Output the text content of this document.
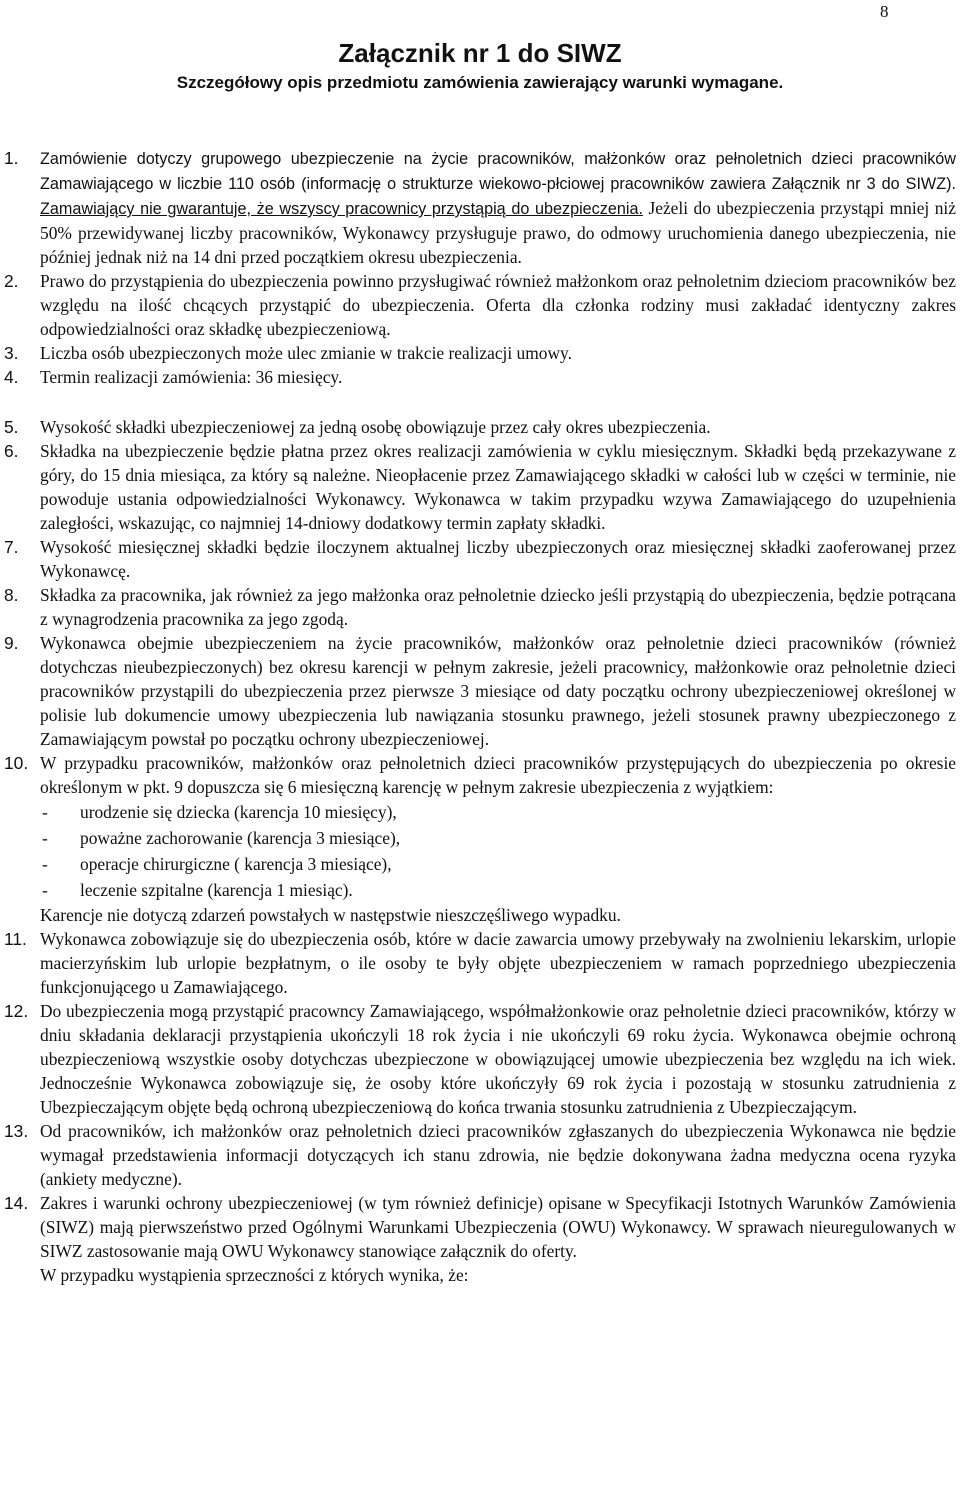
8
Załącznik nr 1 do SIWZ
Szczegółowy opis przedmiotu zamówienia zawierający warunki wymagane.
1. Zamówienie dotyczy grupowego ubezpieczenie na życie pracowników, małżonków oraz pełnoletnich dzieci pracowników Zamawiającego w liczbie 110 osób (informację o strukturze wiekowo-płciowej pracowników zawiera Załącznik nr 3 do SIWZ). Zamawiający nie gwarantuje, że wszyscy pracownicy przystąpią do ubezpieczenia. Jeżeli do ubezpieczenia przystąpi mniej niż 50% przewidywanej liczby pracowników, Wykonawcy przysługuje prawo, do odmowy uruchomienia danego ubezpieczenia, nie później jednak niż na 14 dni przed początkiem okresu ubezpieczenia.

2. Prawo do przystąpienia do ubezpieczenia powinno przysługiwać również małżonkom oraz pełnoletnim dzieciom pracowników bez względu na ilość chcących przystąpić do ubezpieczenia. Oferta dla członka rodziny musi zakładać identyczny zakres odpowiedzialności oraz składkę ubezpieczeniową.

3. Liczba osób ubezpieczonych może ulec zmianie w trakcie realizacji umowy.

4. Termin realizacji zamówienia: 36 miesięcy.

5. Wysokość składki ubezpieczeniowej za jedną osobę obowiązuje przez cały okres ubezpieczenia.

6. Składka na ubezpieczenie będzie płatna przez okres realizacji zamówienia w cyklu miesięcznym. Składki będą przekazywane z góry, do 15 dnia miesiąca, za który są należne. Nieopłacenie przez Zamawiającego składki w całości lub w części w terminie, nie powoduje ustania odpowiedzialności Wykonawcy. Wykonawca w takim przypadku wzywa Zamawiającego do uzupełnienia zaległości, wskazując, co najmniej 14-dniowy dodatkowy termin zapłaty składki.

7. Wysokość miesięcznej składki będzie iloczynem aktualnej liczby ubezpieczonych oraz miesięcznej składki zaoferowanej przez Wykonawcę.

8. Składka za pracownika, jak również za jego małżonka oraz pełnoletnie dziecko jeśli przystąpią do ubezpieczenia, będzie potrącana z wynagrodzenia pracownika za jego zgodą.

9. Wykonawca obejmie ubezpieczeniem na życie pracowników, małżonków oraz pełnoletnie dzieci pracowników (również dotychczas nieubezpieczonych) bez okresu karencji w pełnym zakresie, jeżeli pracownicy, małżonkowie oraz pełnoletnie dzieci pracowników przystąpili do ubezpieczenia przez pierwsze 3 miesiące od daty początku ochrony ubezpieczeniowej określonej w polisie lub dokumencie umowy ubezpieczenia lub nawiązania stosunku prawnego, jeżeli stosunek prawny ubezpieczonego z Zamawiającym powstał po początku ochrony ubezpieczeniowej.

10. W przypadku pracowników, małżonków oraz pełnoletnich dzieci pracowników przystępujących do ubezpieczenia po okresie określonym w pkt. 9 dopuszcza się 6 miesięczną karencję w pełnym zakresie ubezpieczenia z wyjątkiem:

- urodzenie się dziecka (karencja 10 miesięcy),
- poważne zachorowanie (karencja 3 miesiące),
- operacje chirurgiczne ( karencja 3 miesiące),
- leczenie szpitalne (karencja 1 miesiąc).
Karencje nie dotyczą zdarzeń powstałych w następstwie nieszczęśliwego wypadku.
11. Wykonawca zobowiązuje się do ubezpieczenia osób, które w dacie zawarcia umowy przebywały na zwolnieniu lekarskim, urlopie macierzyńskim lub urlopie bezpłatnym, o ile osoby te były objęte ubezpieczeniem w ramach poprzedniego ubezpieczenia funkcjonującego u Zamawiającego.

12. Do ubezpieczenia mogą przystąpić pracowncy Zamawiającego, współmałżonkowie oraz pełnoletnie dzieci pracowników, którzy w dniu składania deklaracji przystąpienia ukończyli 18 rok życia i nie ukończyli 69 roku życia. Wykonawca obejmie ochroną ubezpieczeniową wszystkie osoby dotychczas ubezpieczone w obowiązującej umowie ubezpieczenia bez względu na ich wiek. Jednocześnie Wykonawca zobowiązuje się, że osoby które ukończyły 69 rok życia i pozostają w stosunku zatrudnienia z Ubezpieczającym objęte będą ochroną ubezpieczeniową do końca trwania stosunku zatrudnienia z Ubezpieczającym.

13. Od pracowników, ich małżonków oraz pełnoletnich dzieci pracowników zgłaszanych do ubezpieczenia Wykonawca nie będzie wymagał przedstawienia informacji dotyczących ich stanu zdrowia, nie będzie dokonywana żadna medyczna ocena ryzyka (ankiety medyczne).

14. Zakres i warunki ochrony ubezpieczeniowej (w tym również definicje) opisane w Specyfikacji Istotnych Warunków Zamówienia (SIWZ) mają pierwszeństwo przed Ogólnymi Warunkami Ubezpieczenia (OWU) Wykonawcy. W sprawach nieuregulowanych w SIWZ zastosowanie mają OWU Wykonawcy stanowiące załącznik do oferty.

W przypadku wystąpienia sprzeczności z których wynika, że:
